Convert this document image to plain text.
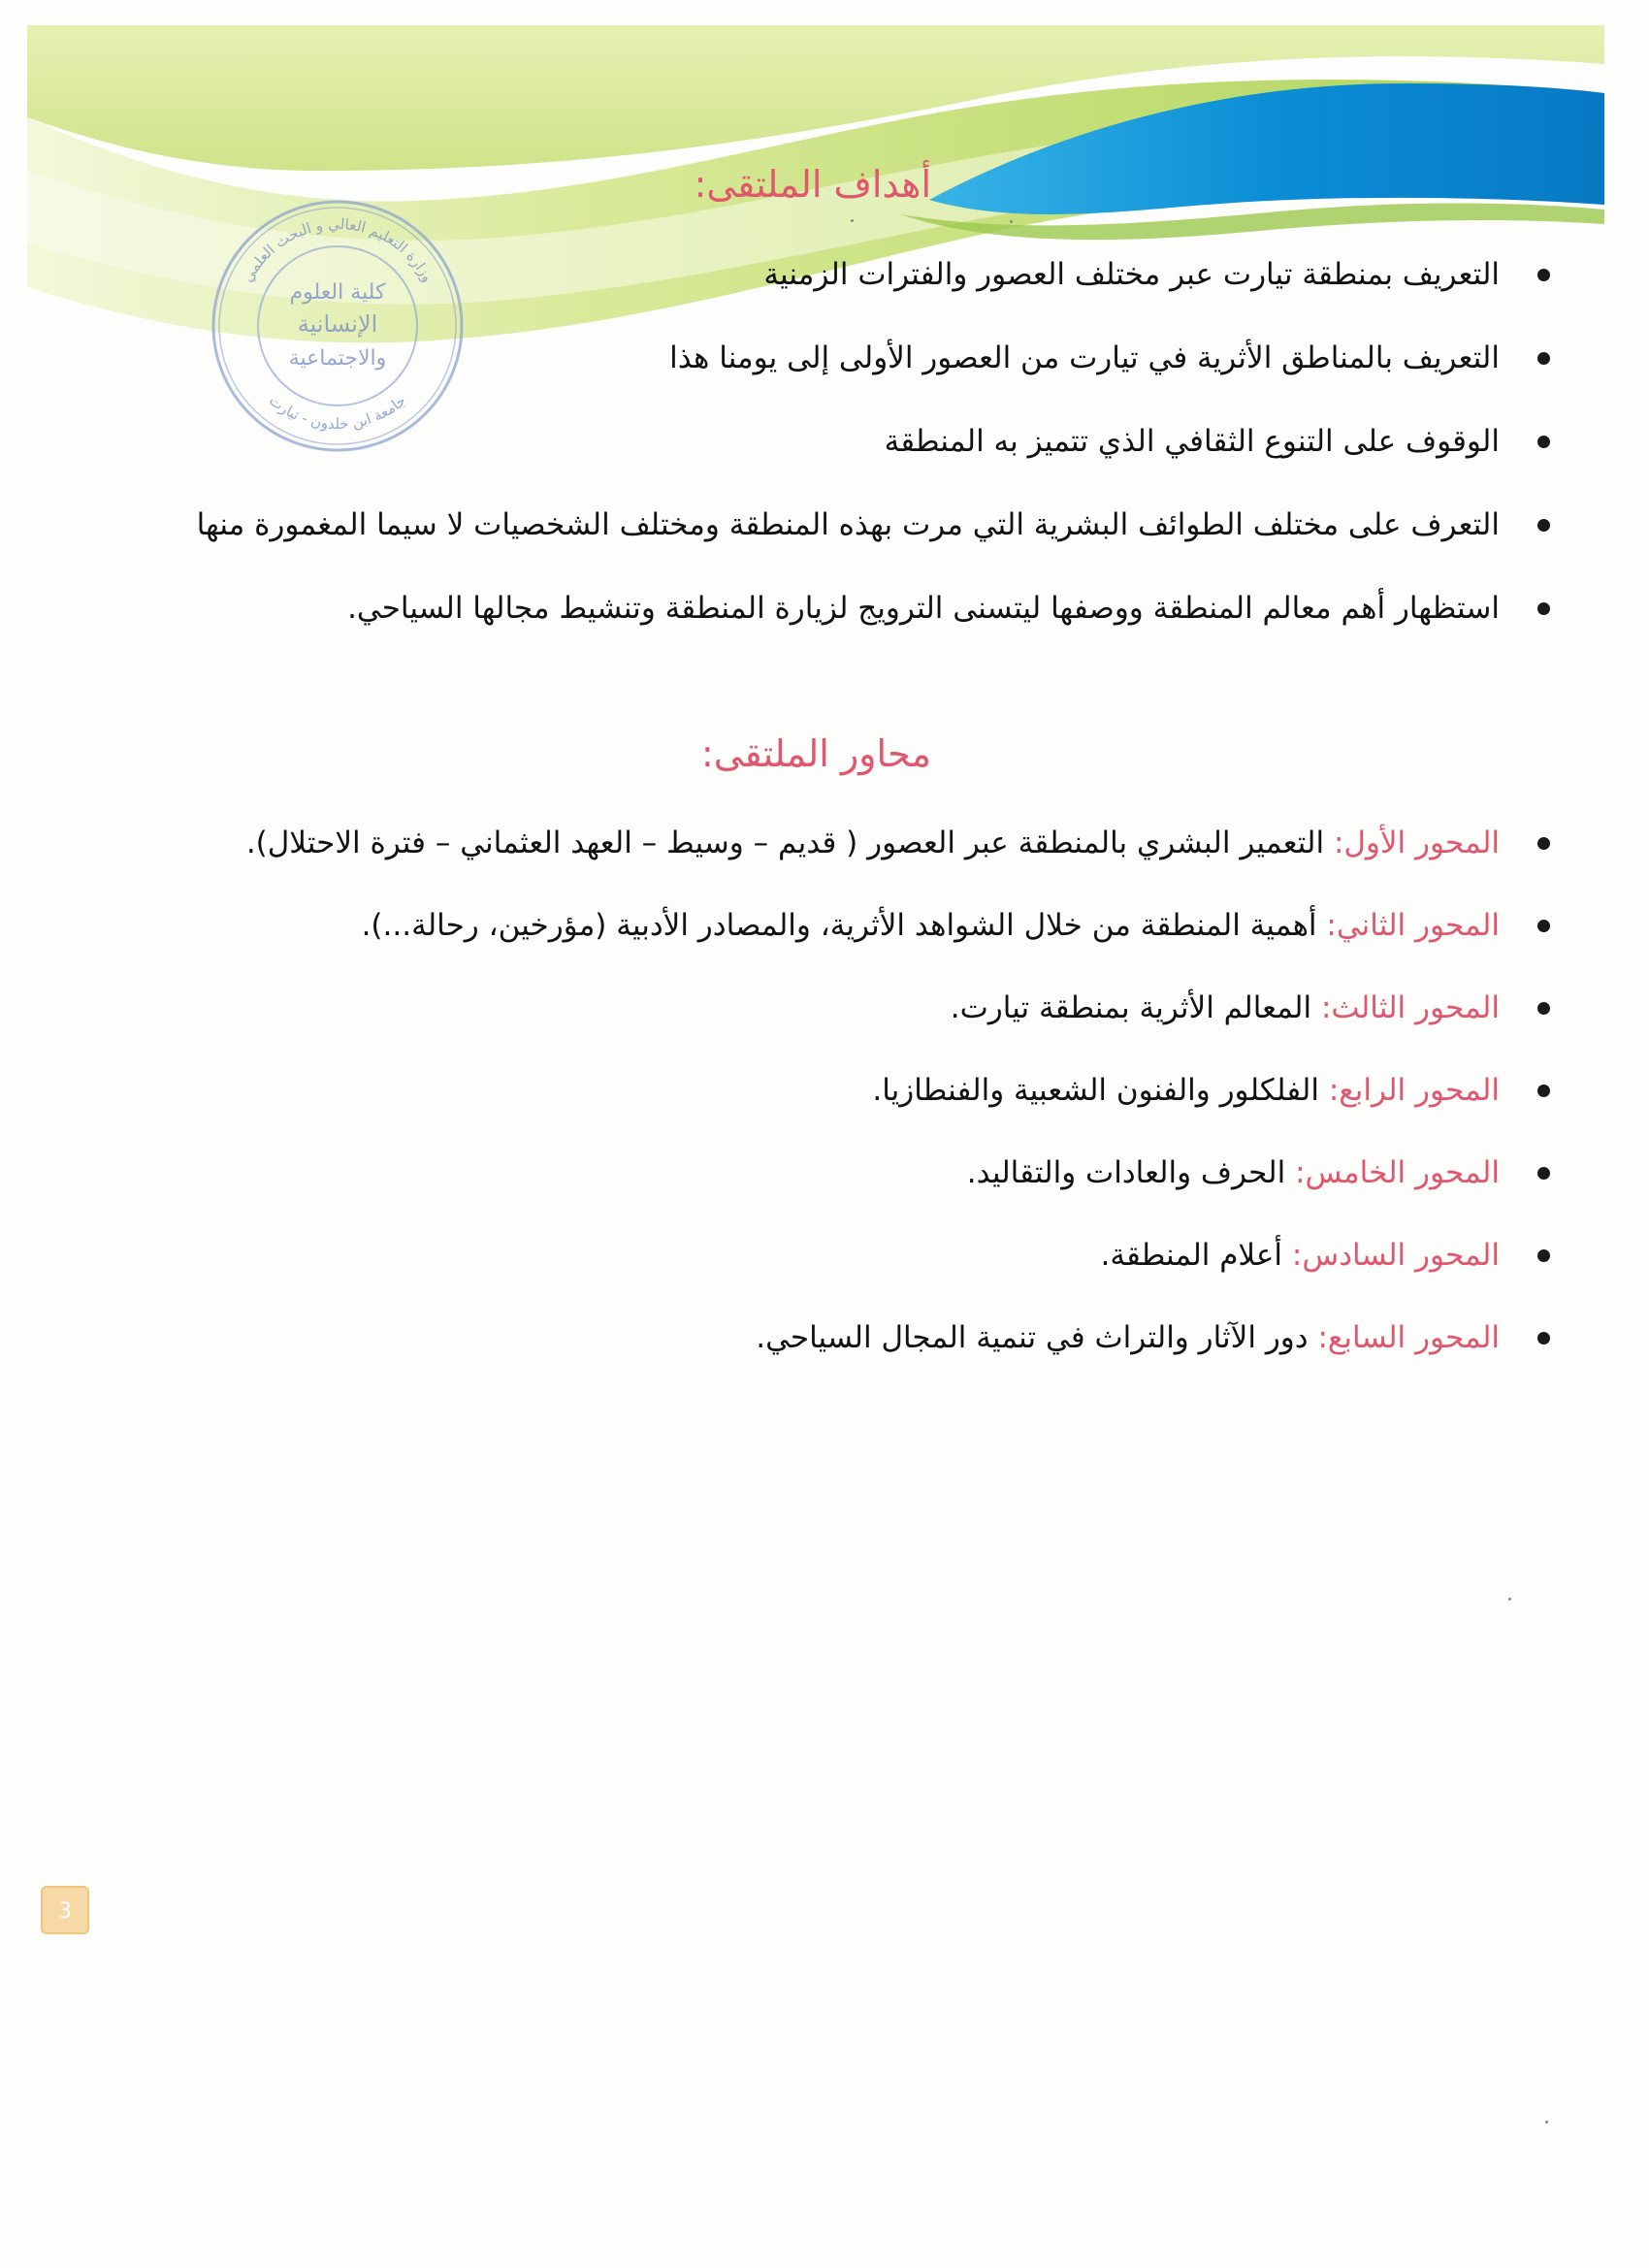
وزارة التعليم العالي و البحث العلمي
جامعة ابن خلدون - تيارت
كلية العلوم
الإنسانية
والاجتماعية
أهداف الملتقى:
التعريف بمنطقة تيارت عبر مختلف العصور والفترات الزمنية
التعريف بالمناطق الأثرية في تيارت من العصور الأولى إلى يومنا هذا
الوقوف على التنوع الثقافي الذي تتميز به المنطقة
التعرف على مختلف الطوائف البشرية التي مرت بهذه المنطقة ومختلف الشخصيات لا سيما المغمورة منها
استظهار أهم معالم المنطقة ووصفها ليتسنى الترويج لزيارة المنطقة وتنشيط مجالها السياحي.
محاور الملتقى:
المحور الأول: التعمير البشري بالمنطقة عبر العصور ( قديم – وسيط – العهد العثماني – فترة الاحتلال).
المحور الثاني: أهمية المنطقة من خلال الشواهد الأثرية، والمصادر الأدبية (مؤرخين، رحالة...).
المحور الثالث: المعالم الأثرية بمنطقة تيارت.
المحور الرابع: الفلكلور والفنون الشعبية والفنطازيا.
المحور الخامس: الحرف والعادات والتقاليد.
المحور السادس: أعلام المنطقة.
المحور السابع: دور الآثار والتراث في تنمية المجال السياحي.
3
